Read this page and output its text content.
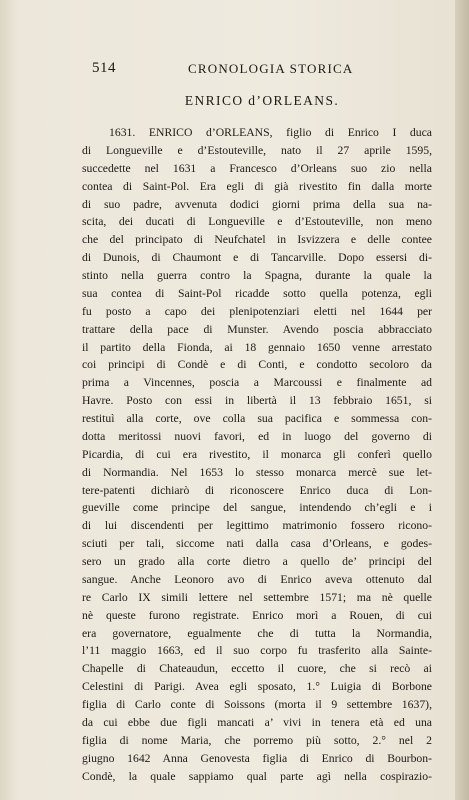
514	CRONOLOGIA STORICA
ENRICO d’ORLEANS.
1631. ENRICO d’ORLEANS, figlio di Enrico I duca
di Longueville e d’Estouteville, nato il 27 aprile 1595,
succedette nel 1631 a Francesco d’Orleans suo zio nella
contea di Saint-Pol. Era egli di già rivestito fin dalla morte
di suo padre, avvenuta dodici giorni prima della sua na-
scita, dei ducati di Longueville e d’Estouteville, non meno
che del principato di Neufchatel in Isvizzera e delle contee
di Dunois, di Chaumont e di Tancarville. Dopo essersi di-
stinto nella guerra contro la Spagna, durante la quale la
sua contea di Saint-Pol ricadde sotto quella potenza, egli
fu posto a capo dei plenipotenziari eletti nel 1644 per
trattare della pace di Munster. Avendo poscia abbracciato
il partito della Fionda, ai 18 gennaio 1650 venne arrestato
coi principi di Condè e di Conti, e condotto secoloro da
prima a Vincennes, poscia a Marcoussi e finalmente ad
Havre. Posto con essi in libertà il 13 febbraio 1651, si
restituì alla corte, ove colla sua pacifica e sommessa con-
dotta meritossi nuovi favori, ed in luogo del governo di
Picardia, di cui era rivestito, il monarca gli conferì quello
di Normandia. Nel 1653 lo stesso monarca mercè sue let-
tere-patenti dichiarò di riconoscere Enrico duca di Lon-
gueville come principe del sangue, intendendo ch’egli e i
di lui discendenti per legittimo matrimonio fossero ricono-
sciuti per tali, siccome nati dalla casa d’Orleans, e godes-
sero un grado alla corte dietro a quello de’ principi del
sangue. Anche Leonoro avo di Enrico aveva ottenuto dal
re Carlo IX simili lettere nel settembre 1571; ma nè quelle
nè queste furono registrate. Enrico morì a Rouen, di cui
era governatore, egualmente che di tutta la Normandia,
l’11 maggio 1663, ed il suo corpo fu trasferito alla Sainte-
Chapelle di Chateaudun, eccetto il cuore, che si recò ai
Celestini di Parigi. Avea egli sposato, 1.° Luigia di Borbone
figlia di Carlo conte di Soissons (morta il 9 settembre 1637),
da cui ebbe due figli mancati a’ vivi in tenera età ed una
figlia di nome Maria, che porremo più sotto, 2.° nel 2
giugno 1642 Anna Genovesta figlia di Enrico di Bourbon-
Condè, la quale sappiamo qual parte agì nella cospirazio-
